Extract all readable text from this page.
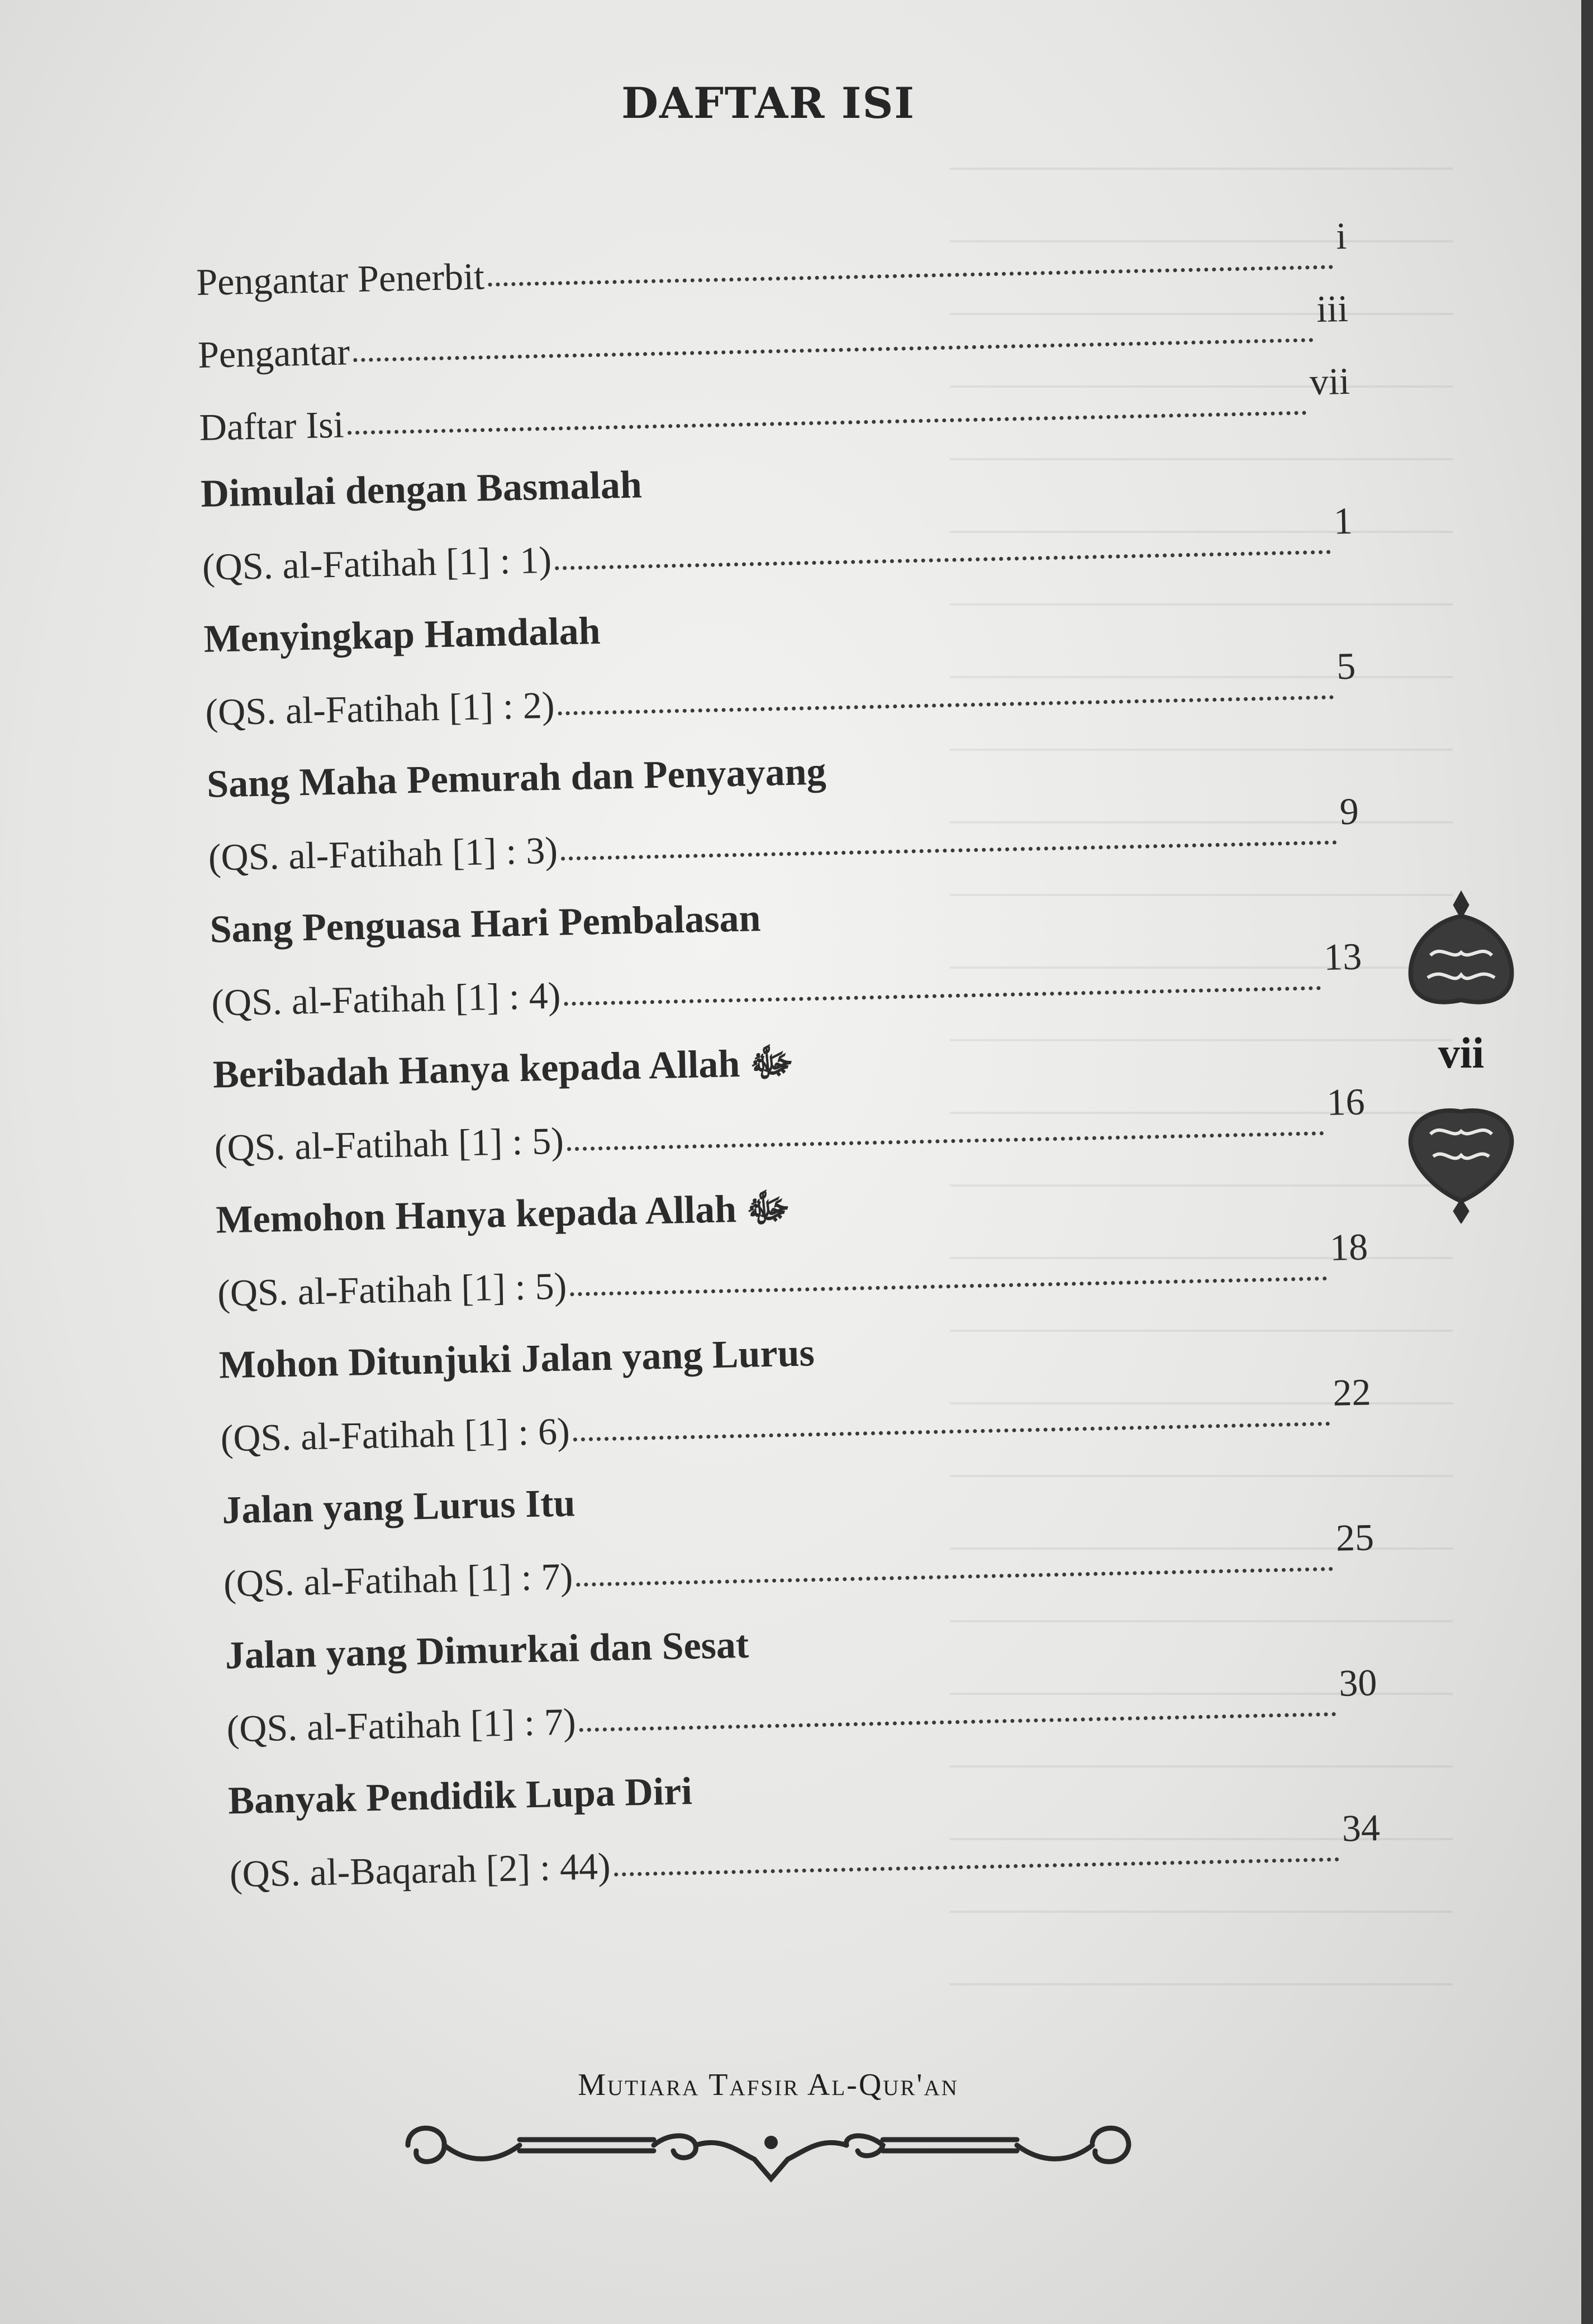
DAFTAR ISI
Pengantar Penerbit
i
Pengantar
iii
Daftar Isi
vii
Dimulai dengan Basmalah
(QS. al-Fatihah [1] : 1)
1
Menyingkap Hamdalah
(QS. al-Fatihah [1] : 2)
5
Sang Maha Pemurah dan Penyayang
(QS. al-Fatihah [1] : 3)
9
Sang Penguasa Hari Pembalasan
(QS. al-Fatihah [1] : 4)
13
Beribadah Hanya kepada Allah ﷻ
(QS. al-Fatihah [1] : 5)
16
Memohon Hanya kepada Allah ﷻ
(QS. al-Fatihah [1] : 5)
18
Mohon Ditunjuki Jalan yang Lurus
(QS. al-Fatihah [1] : 6)
22
Jalan yang Lurus Itu
(QS. al-Fatihah [1] : 7)
25
Jalan yang Dimurkai dan Sesat
(QS. al-Fatihah [1] : 7)
30
Banyak Pendidik Lupa Diri
(QS. al-Baqarah [2] : 44)
34
vii
Mutiara Tafsir Al-Qur'an
